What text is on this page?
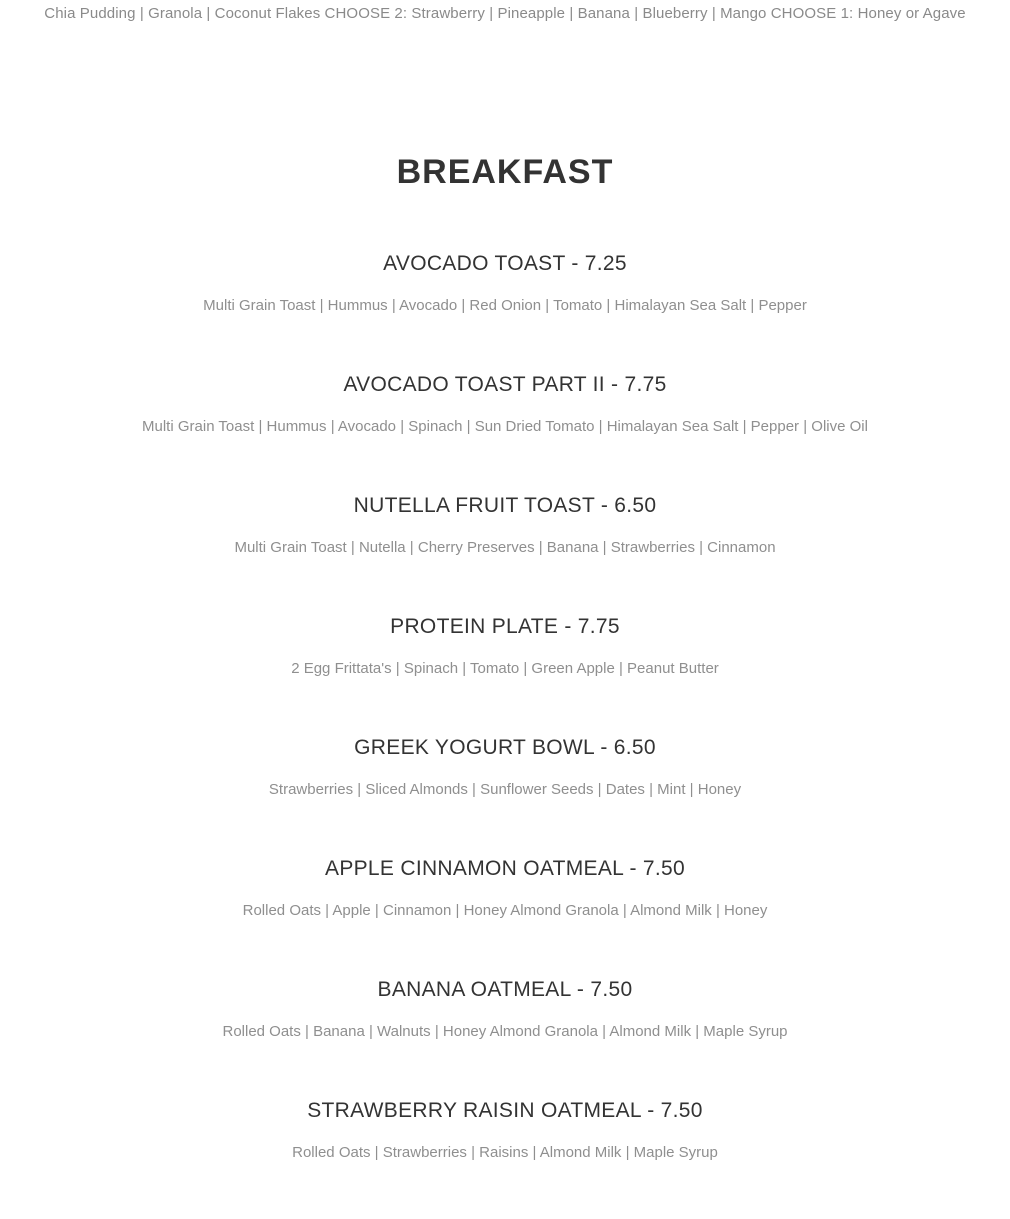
Chia Pudding | Granola | Coconut Flakes CHOOSE 2: Strawberry | Pineapple | Banana | Blueberry | Mango CHOOSE 1: Honey or Agave
BREAKFAST
AVOCADO TOAST - 7.25
Multi Grain Toast | Hummus | Avocado | Red Onion | Tomato | Himalayan Sea Salt | Pepper
AVOCADO TOAST PART II - 7.75
Multi Grain Toast | Hummus | Avocado | Spinach | Sun Dried Tomato | Himalayan Sea Salt | Pepper | Olive Oil
NUTELLA FRUIT TOAST - 6.50
Multi Grain Toast | Nutella | Cherry Preserves | Banana | Strawberries | Cinnamon
PROTEIN PLATE - 7.75
2 Egg Frittata's | Spinach | Tomato | Green Apple | Peanut Butter
GREEK YOGURT BOWL - 6.50
Strawberries | Sliced Almonds | Sunflower Seeds | Dates | Mint | Honey
APPLE CINNAMON OATMEAL - 7.50
Rolled Oats | Apple | Cinnamon | Honey Almond Granola | Almond Milk | Honey
BANANA OATMEAL - 7.50
Rolled Oats | Banana | Walnuts | Honey Almond Granola | Almond Milk | Maple Syrup
STRAWBERRY RAISIN OATMEAL - 7.50
Rolled Oats | Strawberries | Raisins | Almond Milk | Maple Syrup
